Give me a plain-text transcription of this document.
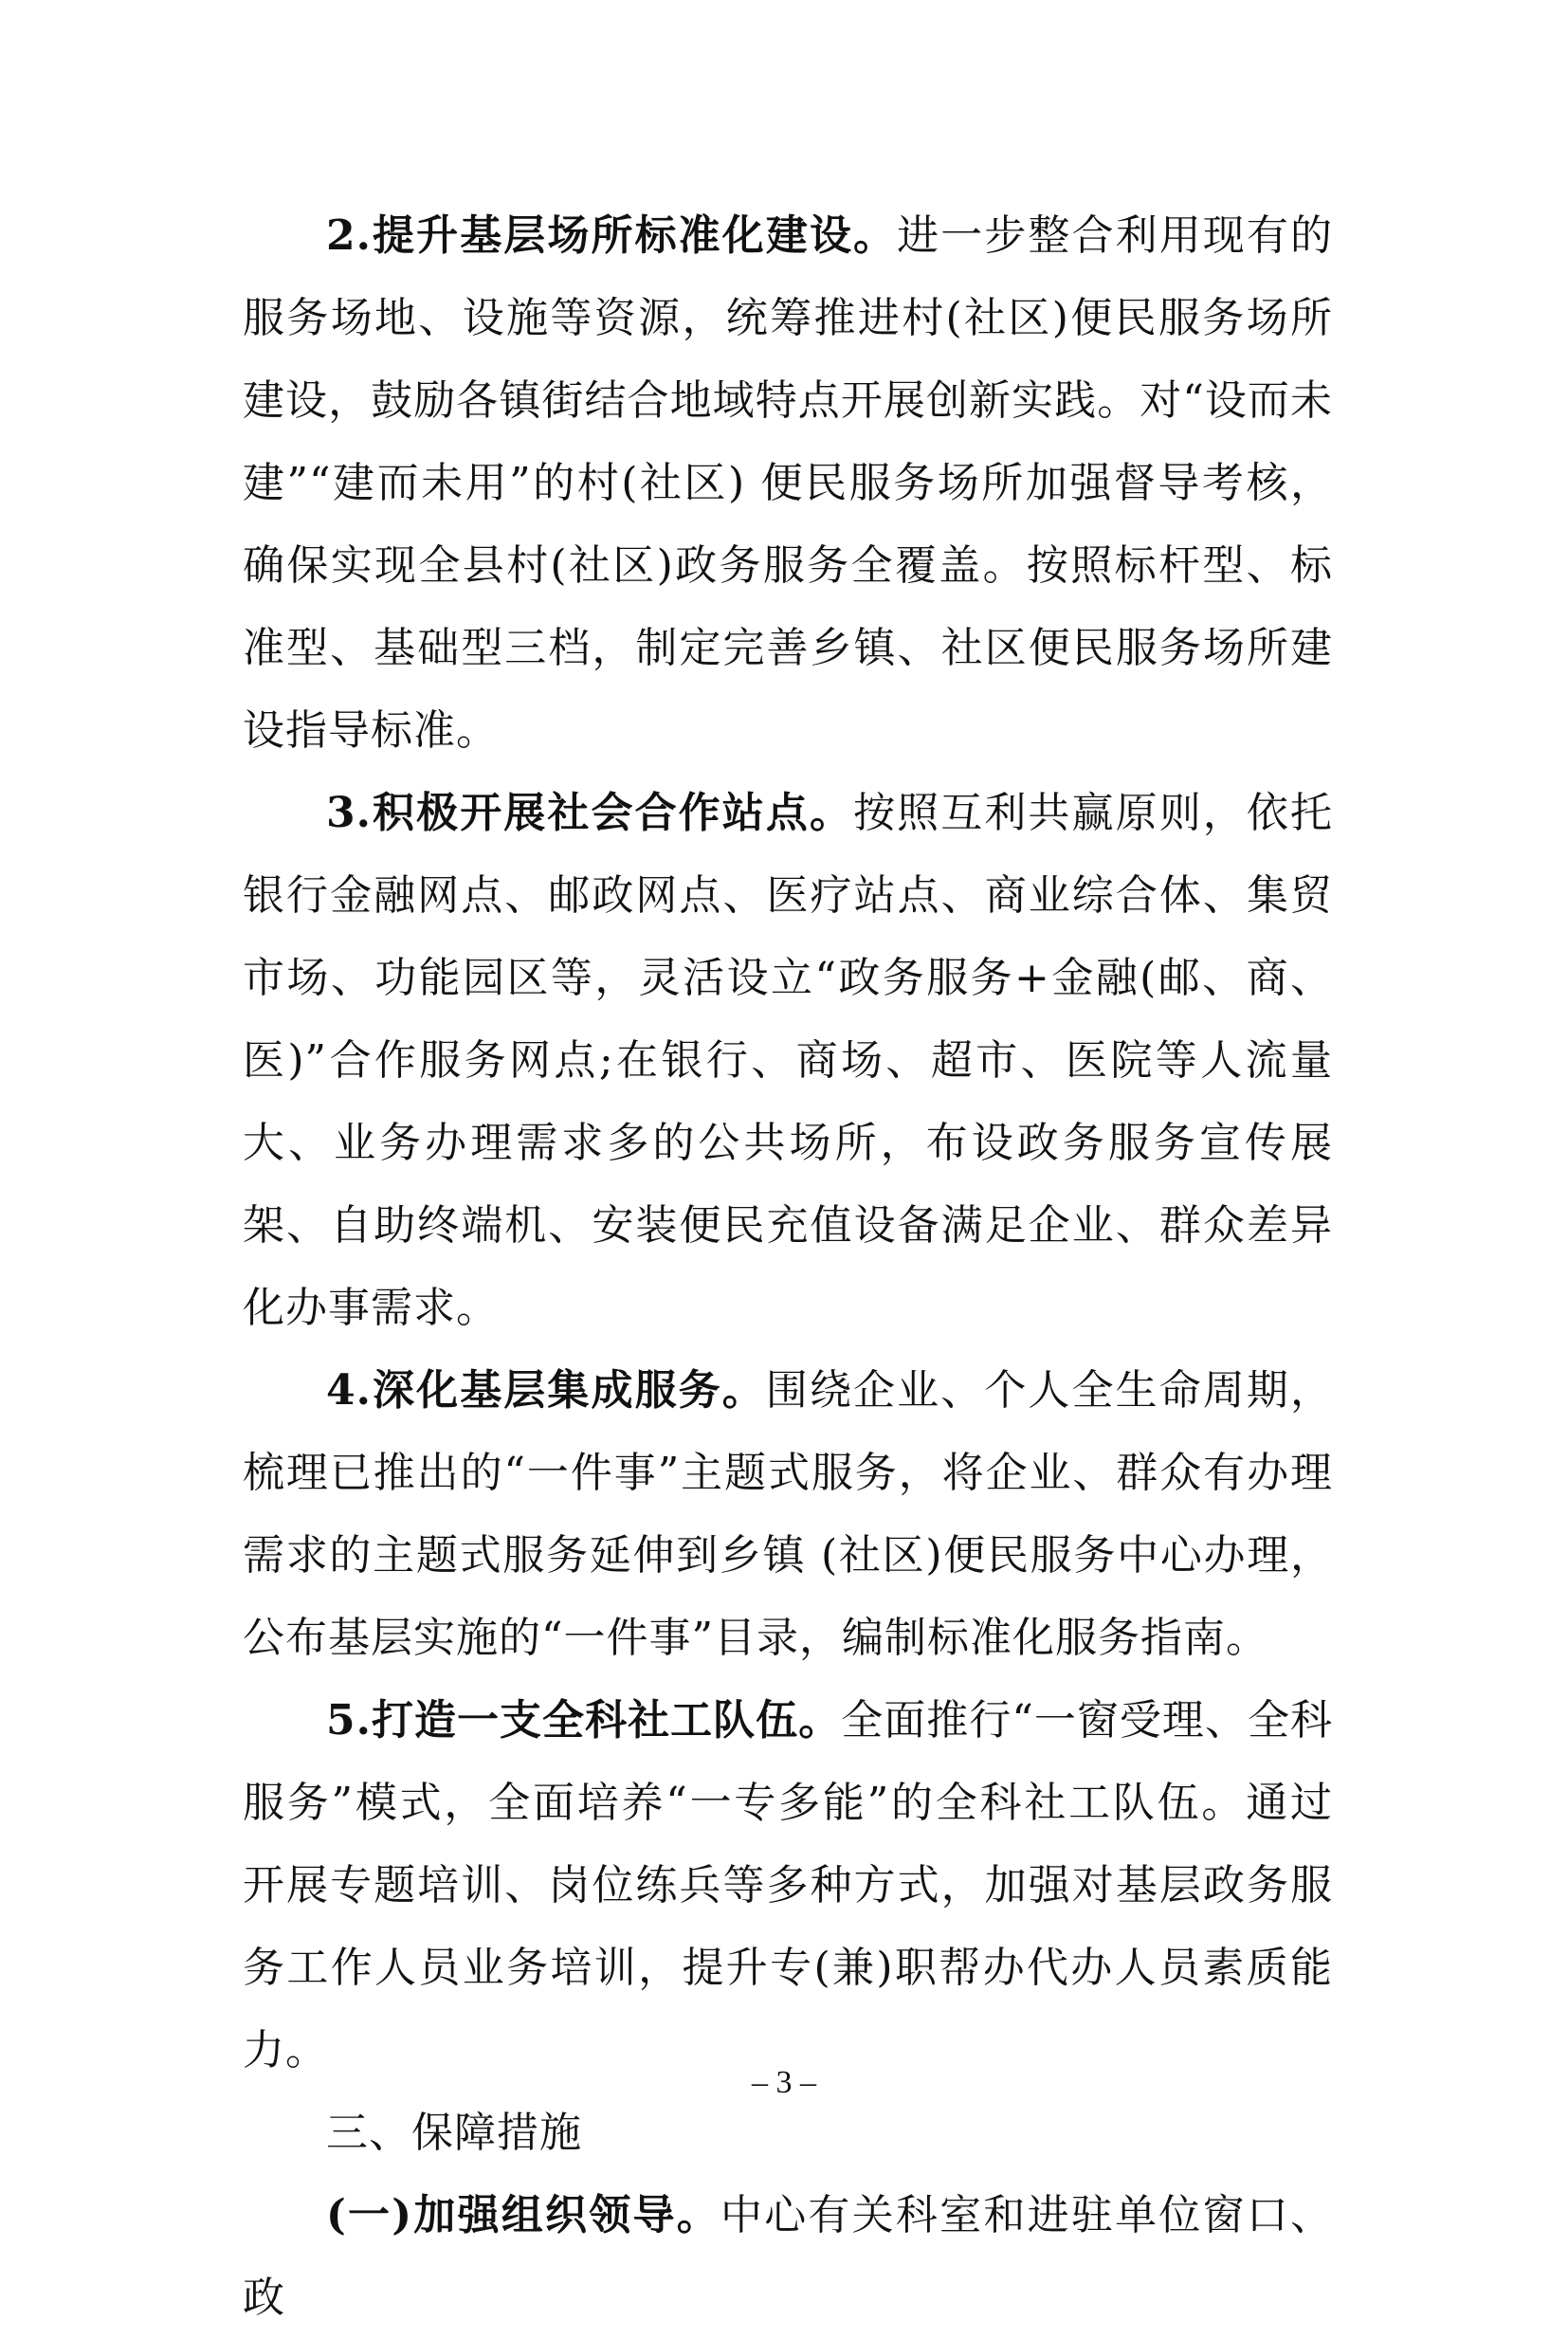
2.提升基层场所标准化建设。进一步整合利用现有的服务场地、设施等资源，统筹推进村(社区)便民服务场所建设，鼓励各镇街结合地域特点开展创新实践。对“设而未建”“建而未用”的村(社区) 便民服务场所加强督导考核，确保实现全县村(社区)政务服务全覆盖。按照标杆型、标准型、基础型三档，制定完善乡镇、社区便民服务场所建设指导标准。

3.积极开展社会合作站点。按照互利共赢原则，依托银行金融网点、邮政网点、医疗站点、商业综合体、集贸市场、功能园区等，灵活设立“政务服务+金融(邮、商、医)”合作服务网点;在银行、商场、超市、医院等人流量大、业务办理需求多的公共场所，布设政务服务宣传展架、自助终端机、安装便民充值设备满足企业、群众差异化办事需求。

4.深化基层集成服务。围绕企业、个人全生命周期，梳理已推出的“一件事”主题式服务，将企业、群众有办理需求的主题式服务延伸到乡镇 (社区)便民服务中心办理，公布基层实施的“一件事”目录，编制标准化服务指南。

5.打造一支全科社工队伍。全面推行“一窗受理、全科服务”模式，全面培养“一专多能”的全科社工队伍。通过开展专题培训、岗位练兵等多种方式，加强对基层政务服务工作人员业务培训，提升专(兼)职帮办代办人员素质能力。

三、保障措施

(一)加强组织领导。中心有关科室和进驻单位窗口、政

– 3 –
